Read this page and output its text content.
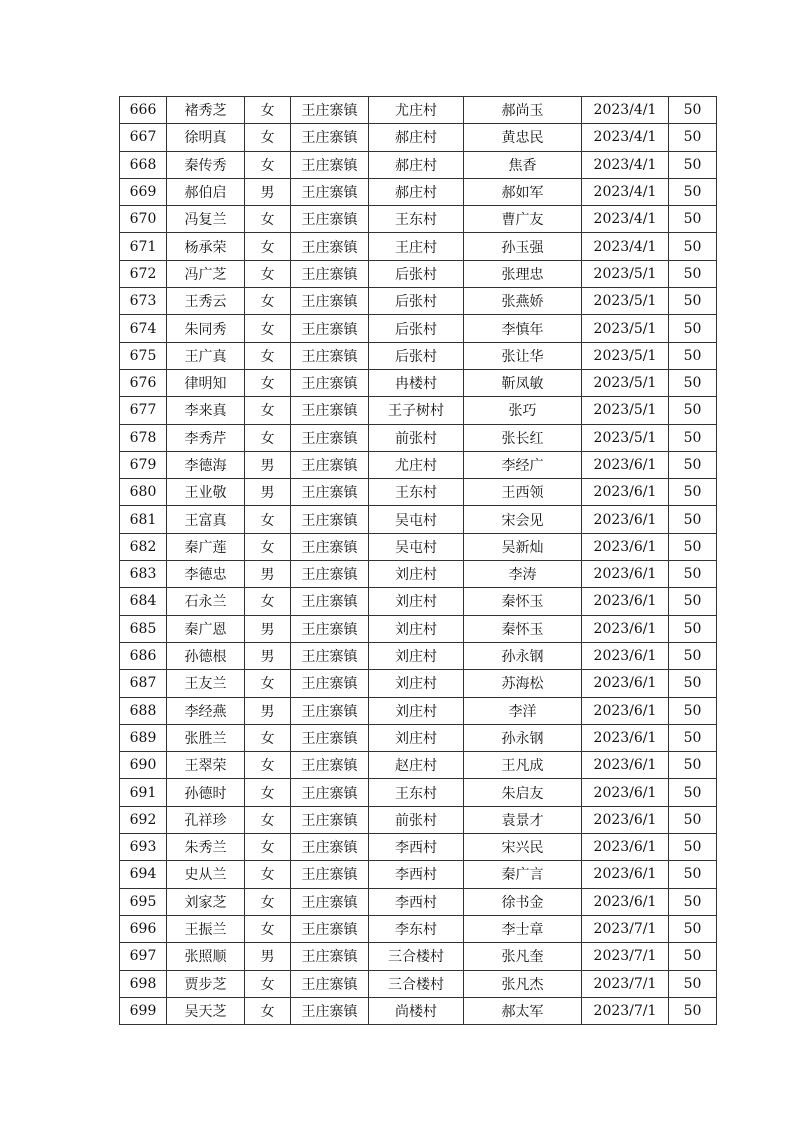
666	褚秀芝	女	王庄寨镇	尤庄村	郝尚玉	2023/4/1	50
667	徐明真	女	王庄寨镇	郝庄村	黄忠民	2023/4/1	50
668	秦传秀	女	王庄寨镇	郝庄村	焦香	2023/4/1	50
669	郝伯启	男	王庄寨镇	郝庄村	郝如军	2023/4/1	50
670	冯复兰	女	王庄寨镇	王东村	曹广友	2023/4/1	50
671	杨承荣	女	王庄寨镇	王庄村	孙玉强	2023/4/1	50
672	冯广芝	女	王庄寨镇	后张村	张理忠	2023/5/1	50
673	王秀云	女	王庄寨镇	后张村	张燕娇	2023/5/1	50
674	朱同秀	女	王庄寨镇	后张村	李慎年	2023/5/1	50
675	王广真	女	王庄寨镇	后张村	张让华	2023/5/1	50
676	律明知	女	王庄寨镇	冉楼村	靳凤敏	2023/5/1	50
677	李来真	女	王庄寨镇	王子树村	张巧	2023/5/1	50
678	李秀芹	女	王庄寨镇	前张村	张长红	2023/5/1	50
679	李德海	男	王庄寨镇	尤庄村	李经广	2023/6/1	50
680	王业敬	男	王庄寨镇	王东村	王西领	2023/6/1	50
681	王富真	女	王庄寨镇	吴屯村	宋会见	2023/6/1	50
682	秦广莲	女	王庄寨镇	吴屯村	吴新灿	2023/6/1	50
683	李德忠	男	王庄寨镇	刘庄村	李涛	2023/6/1	50
684	石永兰	女	王庄寨镇	刘庄村	秦怀玉	2023/6/1	50
685	秦广恩	男	王庄寨镇	刘庄村	秦怀玉	2023/6/1	50
686	孙德根	男	王庄寨镇	刘庄村	孙永钢	2023/6/1	50
687	王友兰	女	王庄寨镇	刘庄村	苏海松	2023/6/1	50
688	李经燕	男	王庄寨镇	刘庄村	李洋	2023/6/1	50
689	张胜兰	女	王庄寨镇	刘庄村	孙永钢	2023/6/1	50
690	王翠荣	女	王庄寨镇	赵庄村	王凡成	2023/6/1	50
691	孙德时	女	王庄寨镇	王东村	朱启友	2023/6/1	50
692	孔祥珍	女	王庄寨镇	前张村	袁景才	2023/6/1	50
693	朱秀兰	女	王庄寨镇	李西村	宋兴民	2023/6/1	50
694	史从兰	女	王庄寨镇	李西村	秦广言	2023/6/1	50
695	刘家芝	女	王庄寨镇	李西村	徐书金	2023/6/1	50
696	王振兰	女	王庄寨镇	李东村	李士章	2023/7/1	50
697	张照顺	男	王庄寨镇	三合楼村	张凡奎	2023/7/1	50
698	贾步芝	女	王庄寨镇	三合楼村	张凡杰	2023/7/1	50
699	吴天芝	女	王庄寨镇	尚楼村	郝太军	2023/7/1	50
